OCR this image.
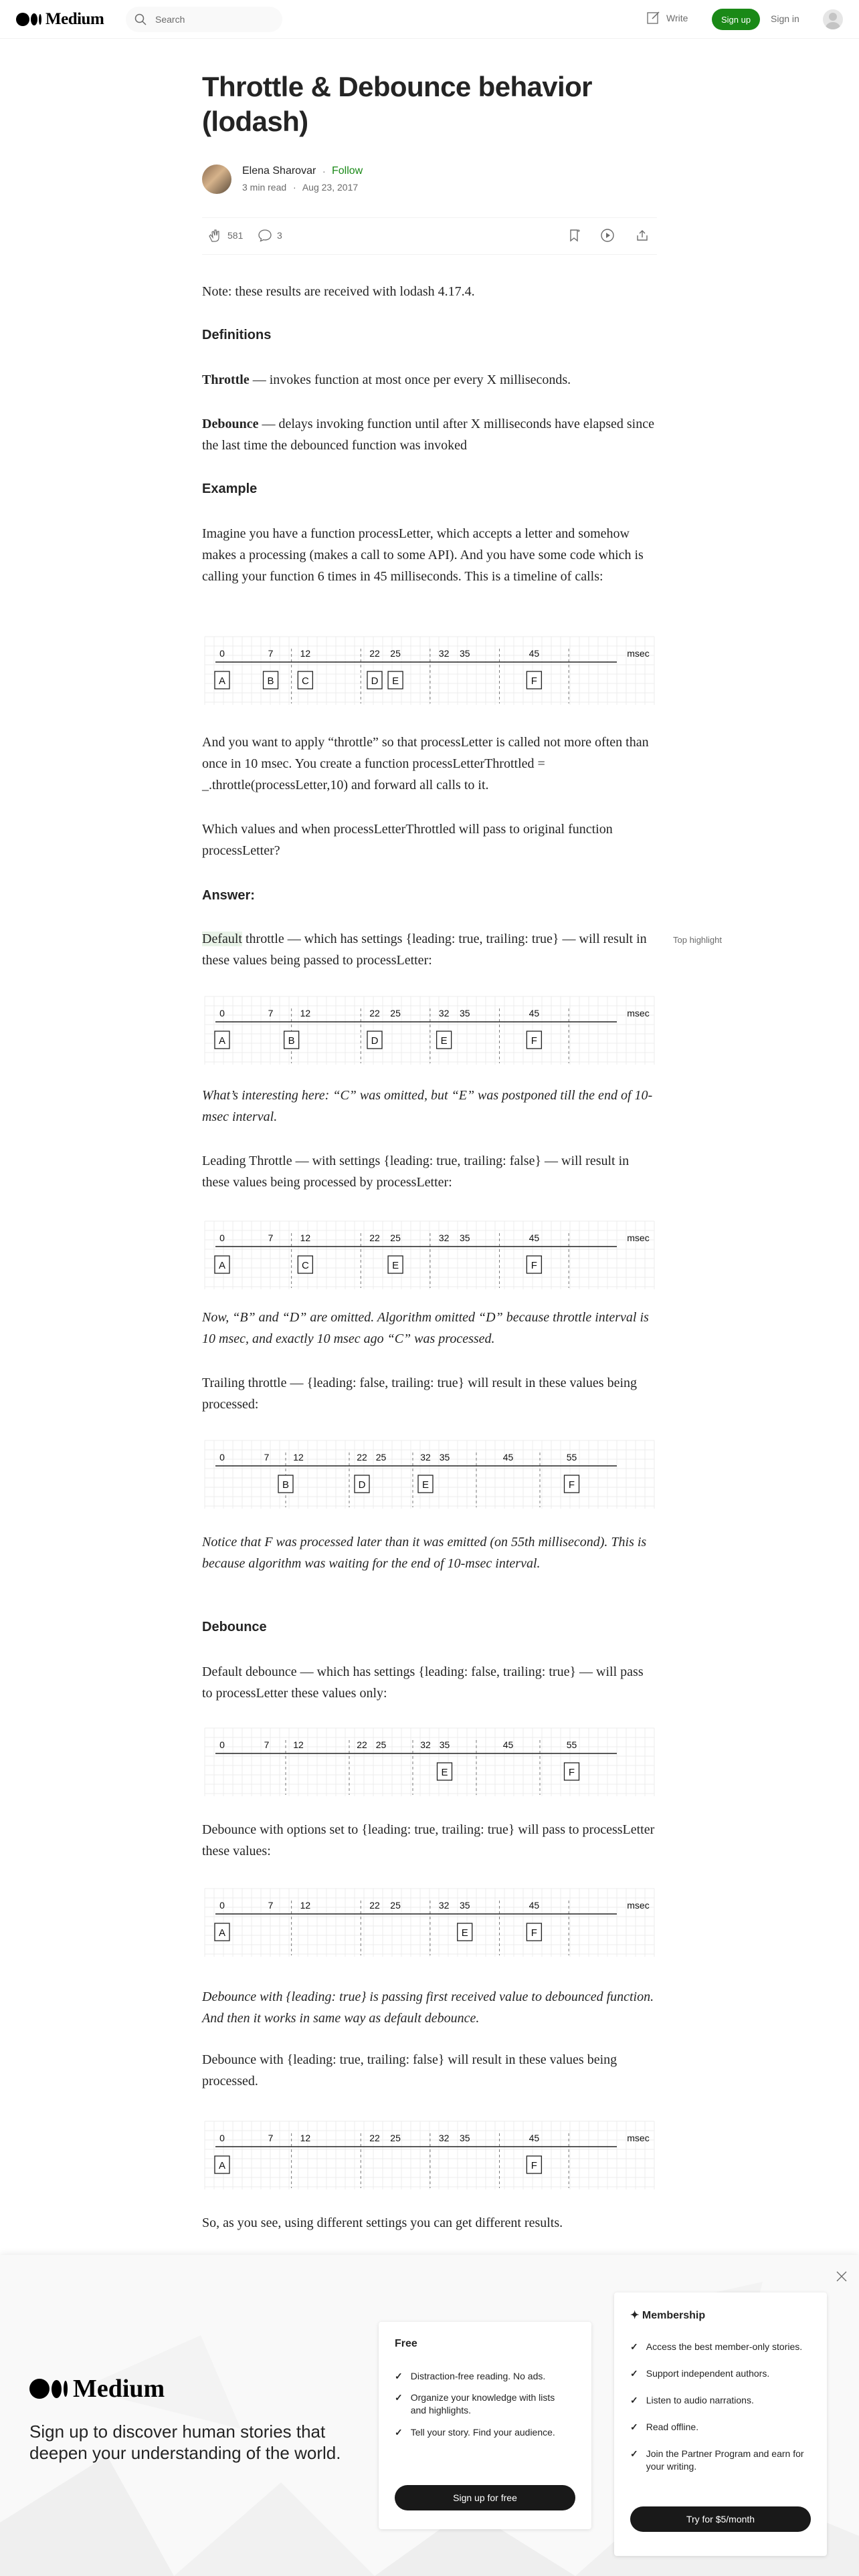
Medium
Search	Write	Sign up	Sign in
Throttle & Debounce behavior (lodash)
Elena Sharovar · Follow
3 min read · Aug 23, 2017
581	3

Note: these results are received with lodash 4.17.4.

Definitions

Throttle — invokes function at most once per every X milliseconds.

Debounce — delays invoking function until after X milliseconds have elapsed since the last time the debounced function was invoked

Example

Imagine you have a function processLetter, which accepts a letter and somehow makes a processing (makes a call to some API). And you have some code which is calling your function 6 times in 45 milliseconds. This is a timeline of calls:

0	7	12	22 25	32 35	45	msec
A	B	C	D E	F

And you want to apply “throttle” so that processLetter is called not more often than once in 10 msec. You create a function processLetterThrottled = _.throttle(processLetter,10) and forward all calls to it.

Which values and when processLetterThrottled will pass to original function processLetter?

Answer:

Default throttle — which has settings {leading: true, trailing: true} — will result in these values being passed to processLetter:

0	7	12	22 25	32 35	45	msec
A	B	D	E	F

What’s interesting here: “C” was omitted, but “E” was postponed till the end of 10-msec interval.

Leading Throttle — with settings {leading: true, trailing: false} — will result in these values being processed by processLetter:

0	7	12	22 25	32 35	45	msec
A	C	E	F

Now, “B” and “D” are omitted. Algorithm omitted “D” because throttle interval is 10 msec, and exactly 10 msec ago “C” was processed.

Trailing throttle — {leading: false, trailing: true} will result in these values being processed:

0	7	12	22 25	32 35	45	55
B	D	E	F

Notice that F was processed later than it was emitted (on 55th millisecond). This is because algorithm was waiting for the end of 10-msec interval.

Debounce

Default debounce — which has settings {leading: false, trailing: true} — will pass to processLetter these values only:

0	7	12	22 25	32 35	45	55
E	F

Debounce with options set to {leading: true, trailing: true} will pass to processLetter these values:

0	7	12	22 25	32 35	45	msec
A	E	F

Debounce with {leading: true} is passing first received value to debounced function. And then it works in same way as default debounce.

Debounce with {leading: true, trailing: false} will result in these values being processed.

0	7	12	22 25	32 35	45	msec
A	F

So, as you see, using different settings you can get different results.

Top highlight
Medium
Sign up to discover human stories that deepen your understanding of the world.
Free
✓ Distraction-free reading. No ads.
✓ Organize your knowledge with lists and highlights.
✓ Tell your story. Find your audience.
Sign up for free
✦ Membership
✓ Access the best member-only stories.
✓ Support independent authors.
✓ Listen to audio narrations.
✓ Read offline.
✓ Join the Partner Program and earn for your writing.
Try for $5/month
